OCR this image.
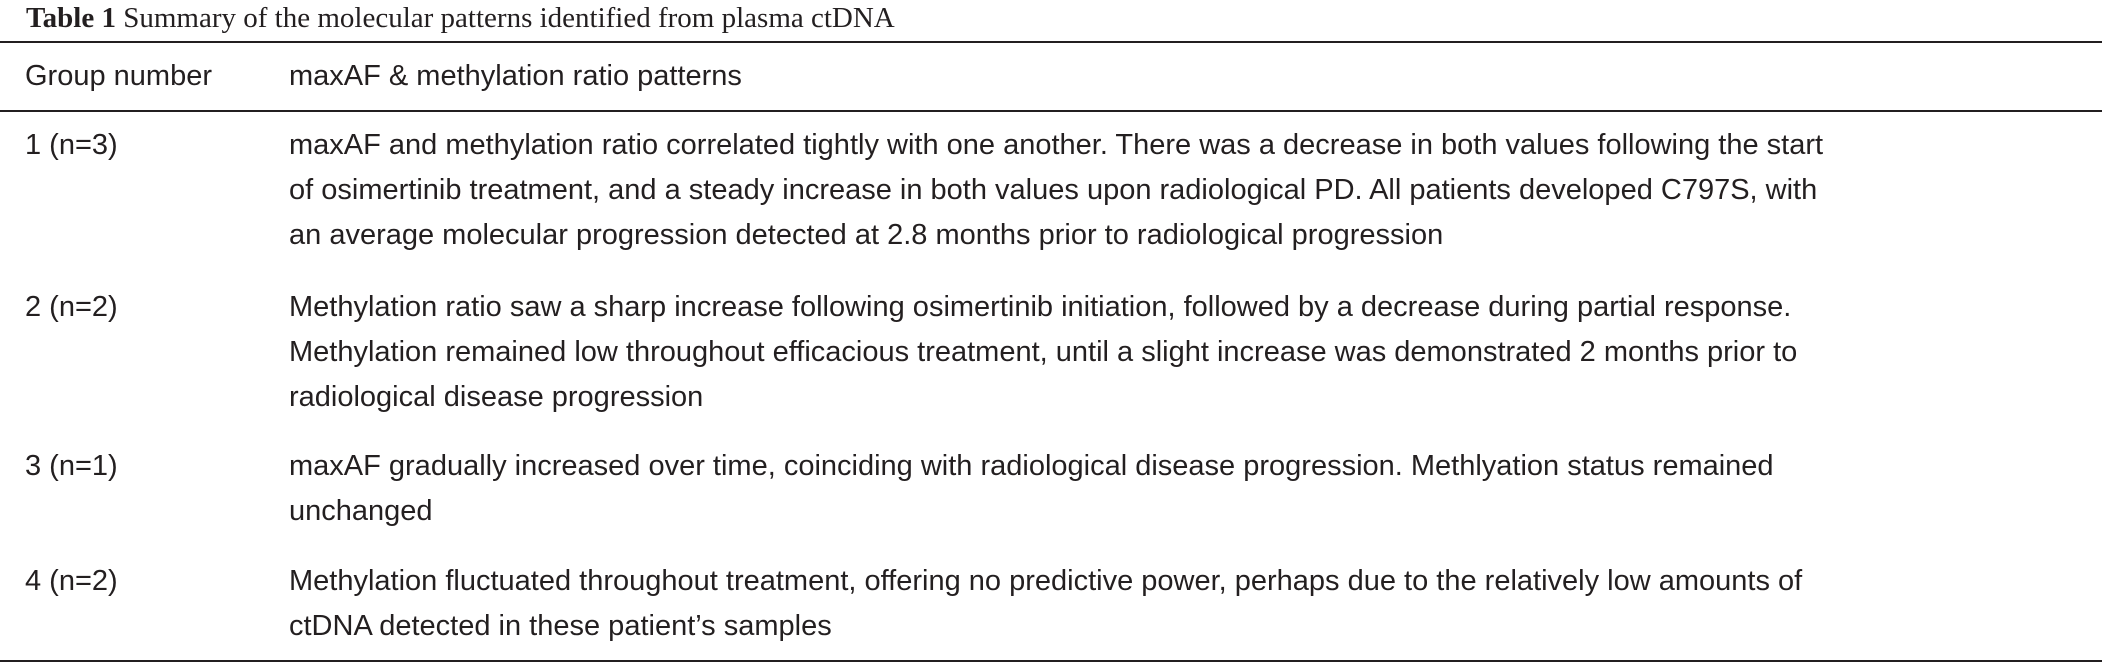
Table 1 Summary of the molecular patterns identified from plasma ctDNA
Group number	maxAF & methylation ratio patterns
1 (n=3)	maxAF and methylation ratio correlated tightly with one another. There was a decrease in both values following the start
of osimertinib treatment, and a steady increase in both values upon radiological PD. All patients developed C797S, with
an average molecular progression detected at 2.8 months prior to radiological progression
2 (n=2)	Methylation ratio saw a sharp increase following osimertinib initiation, followed by a decrease during partial response.
Methylation remained low throughout efficacious treatment, until a slight increase was demonstrated 2 months prior to
radiological disease progression
3 (n=1)	maxAF gradually increased over time, coinciding with radiological disease progression. Methlyation status remained
unchanged
4 (n=2)	Methylation fluctuated throughout treatment, offering no predictive power, perhaps due to the relatively low amounts of
ctDNA detected in these patient’s samples
